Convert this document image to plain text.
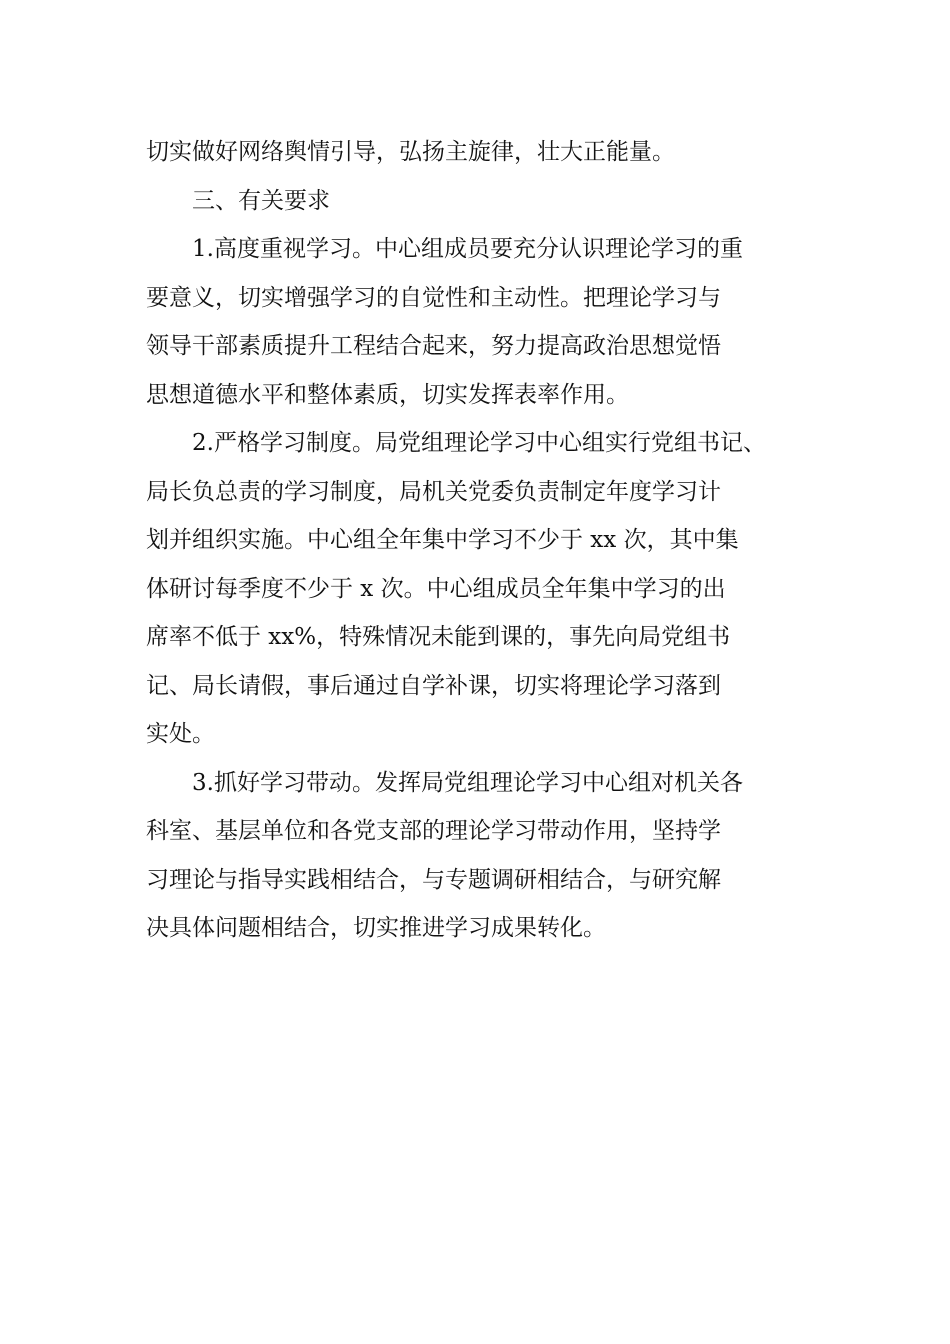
切实做好网络舆情引导，弘扬主旋律，壮大正能量。
三、有关要求
1.高度重视学习。中心组成员要充分认识理论学习的重
要意义，切实增强学习的自觉性和主动性。把理论学习与
领导干部素质提升工程结合起来，努力提高政治思想觉悟
思想道德水平和整体素质，切实发挥表率作用。
2.严格学习制度。局党组理论学习中心组实行党组书记、
局长负总责的学习制度，局机关党委负责制定年度学习计
划并组织实施。中心组全年集中学习不少于 xx 次，其中集
体研讨每季度不少于 x 次。中心组成员全年集中学习的出
席率不低于 xx%，特殊情况未能到课的，事先向局党组书
记、局长请假，事后通过自学补课，切实将理论学习落到
实处。
3.抓好学习带动。发挥局党组理论学习中心组对机关各
科室、基层单位和各党支部的理论学习带动作用，坚持学
习理论与指导实践相结合，与专题调研相结合，与研究解
决具体问题相结合，切实推进学习成果转化。
